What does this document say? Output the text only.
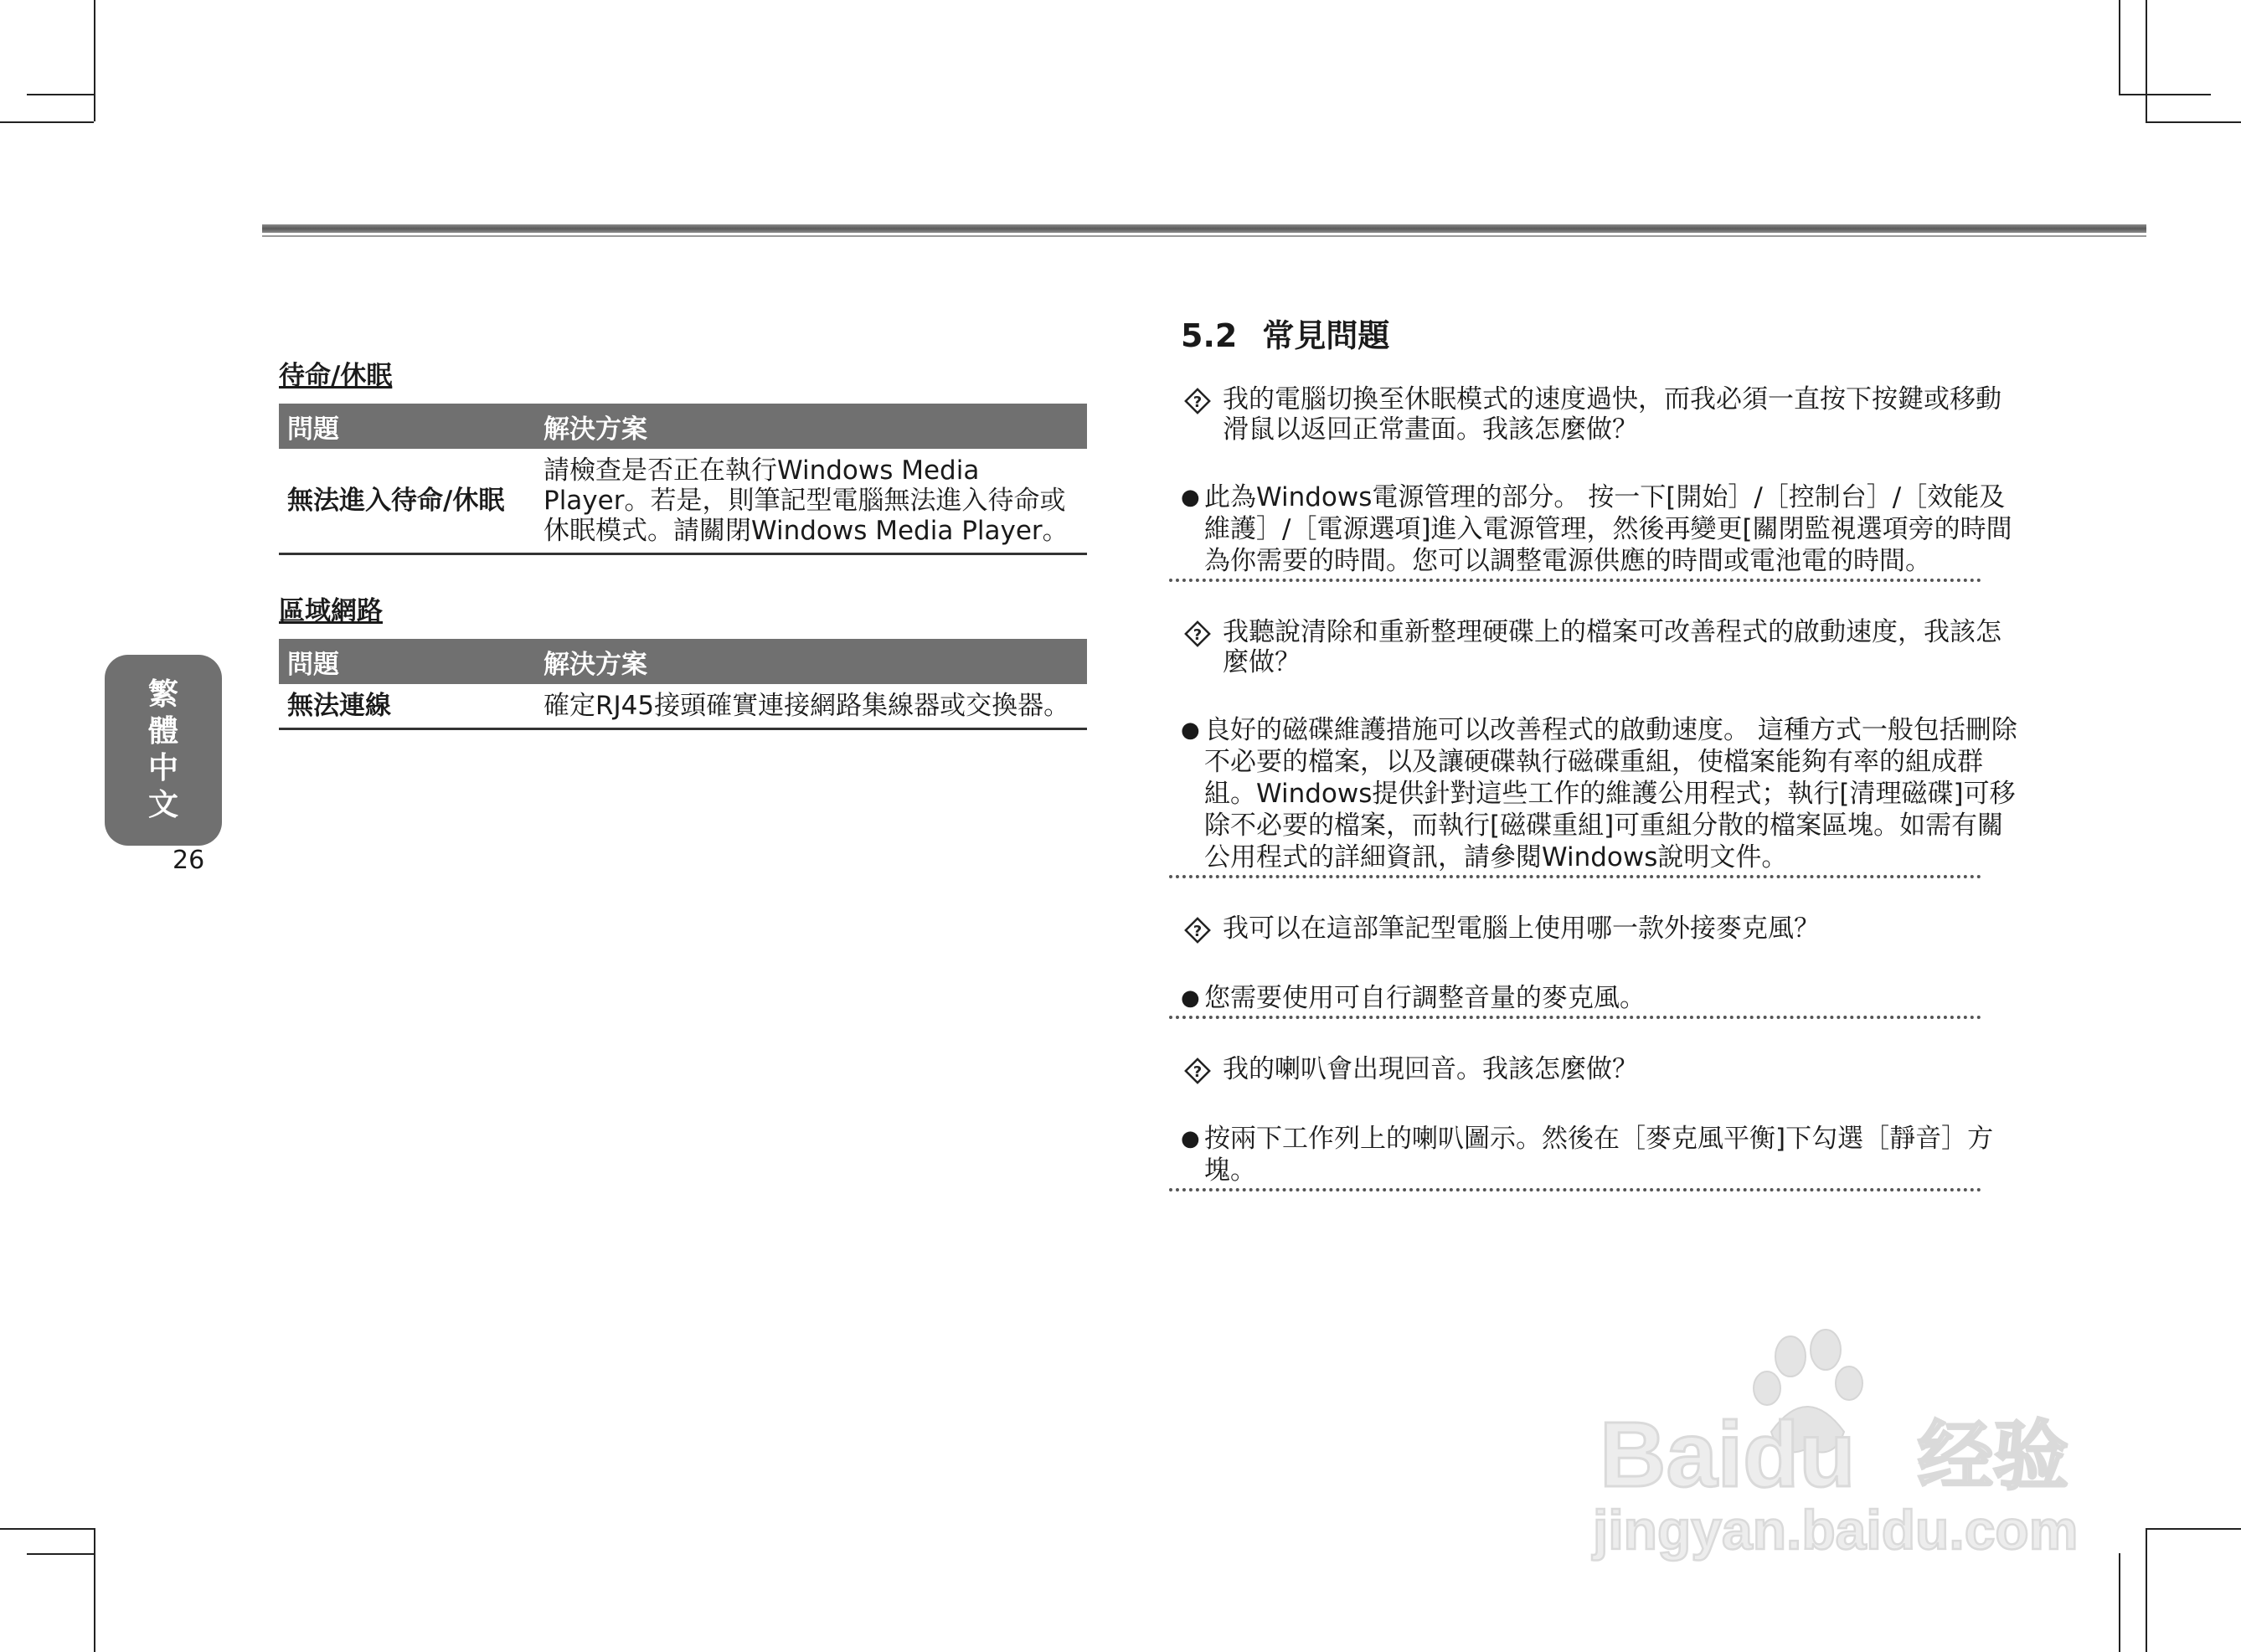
繁
體
中
文
26
待命/休眠
問題	解決方案
無法進入待命/休眠	請檢查是否正在執行Windows Media Player。若是，則筆記型電腦無法進入待命或休眠模式。請關閉Windows Media Player。
區域網路
問題	解決方案
無法連線	確定RJ45接頭確實連接網路集線器或交換器。
5.2 常見問題
? 我的電腦切換至休眠模式的速度過快，而我必須一直按下按鍵或移動滑鼠以返回正常畫面。我該怎麼做？
● 此為Windows電源管理的部分。 按一下[開始］/［控制台］/［效能及維護］/［電源選項]進入電源管理，然後再變更[關閉監視選項旁的時間為你需要的時間。您可以調整電源供應的時間或電池電的時間。
? 我聽說清除和重新整理硬碟上的檔案可改善程式的啟動速度，我該怎麼做？
● 良好的磁碟維護措施可以改善程式的啟動速度。 這種方式一般包括刪除不必要的檔案，以及讓硬碟執行磁碟重組，使檔案能夠有率的組成群組。Windows提供針對這些工作的維護公用程式；執行[清理磁碟]可移除不必要的檔案，而執行[磁碟重組]可重組分散的檔案區塊。如需有關公用程式的詳細資訊，請參閱Windows說明文件。
? 我可以在這部筆記型電腦上使用哪一款外接麥克風？
● 您需要使用可自行調整音量的麥克風。
? 我的喇叭會出現回音。我該怎麼做？
● 按兩下工作列上的喇叭圖示。然後在［麥克風平衡]下勾選［靜音］方塊。
Baidu 经验
jingyan.baidu.com
